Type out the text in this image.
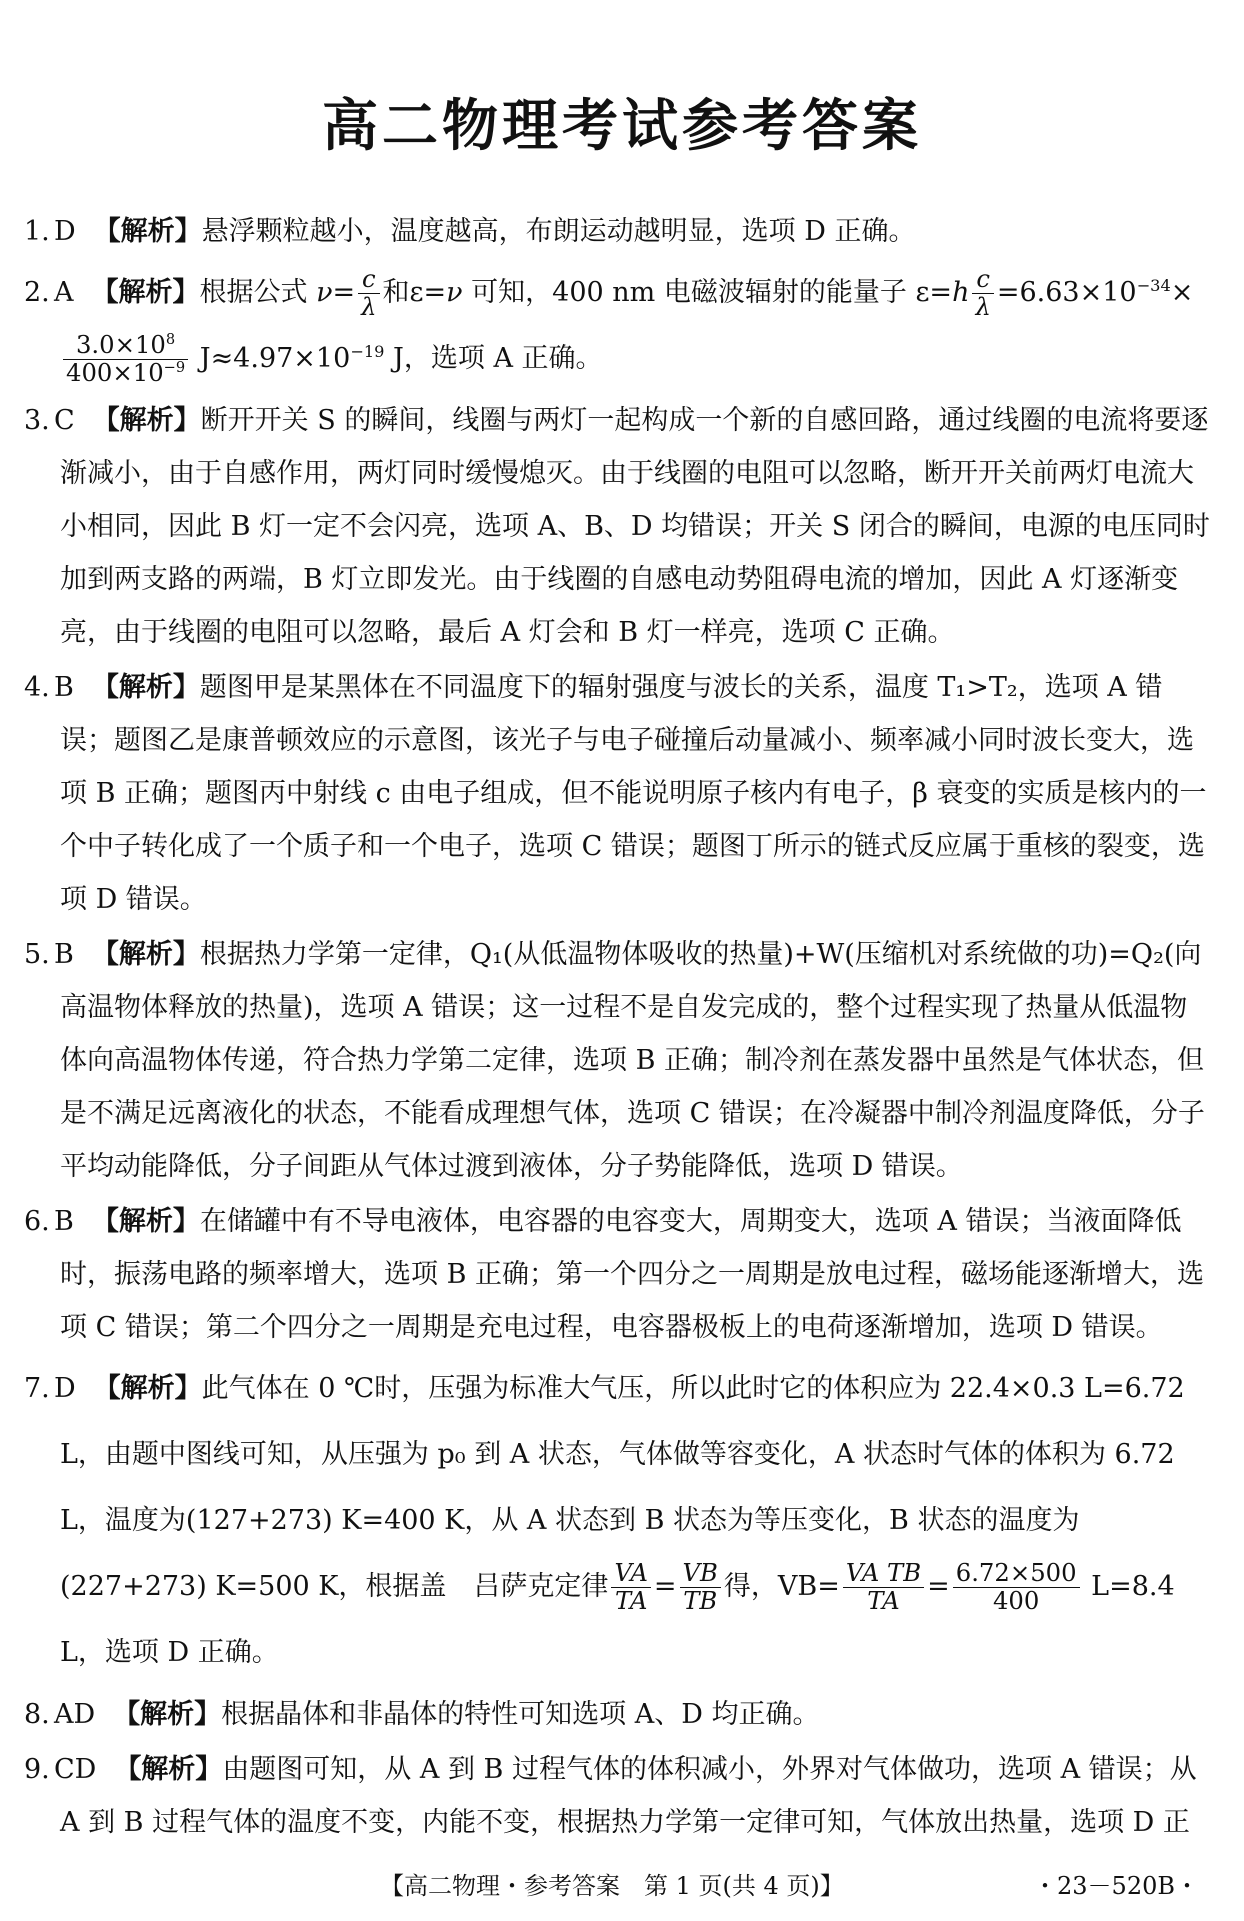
高二物理考试参考答案

1. D 【解析】悬浮颗粒越小，温度越高，布朗运动越明显，选项 D 正确。

2. A 【解析】根据公式 $\nu= \frac{c}{\lambda}$ 和ε=ν 可知，400 nm 电磁波辐射的能量子 $\varepsilon=h \frac{c}{\lambda} =6.63\times 10^{-34}\times$
$\frac{3.0\times 10^8}{400\times 10^{-9}} J\approx 4.97\times 10^{-19}$ J，选项 A 正确。

3. C 【解析】断开开关 S 的瞬间，线圈与两灯一起构成一个新的自感回路，通过线圈的电流将要逐渐减小，由于自感作用，两灯同时缓慢熄灭。由于线圈的电阻可以忽略，断开开关前两灯电流大小相同，因此 B 灯一定不会闪亮，选项 A、B、D 均错误；开关 S 闭合的瞬间，电源的电压同时加到两支路的两端，B 灯立即发光。由于线圈的自感电动势阻碍电流的增加，因此 A 灯逐渐变亮，由于线圈的电阻可以忽略，最后 A 灯会和 B 灯一样亮，选项 C 正确。

4. B 【解析】题图甲是某黑体在不同温度下的辐射强度与波长的关系，温度 T₁>T₂，选项 A 错误；题图乙是康普顿效应的示意图，该光子与电子碰撞后动量减小、频率减小同时波长变大，选项 B 正确；题图丙中射线 c 由电子组成，但不能说明原子核内有电子，β 衰变的实质是核内的一个中子转化成了一个质子和一个电子，选项 C 错误；题图丁所示的链式反应属于重核的裂变，选项 D 错误。

5. B 【解析】根据热力学第一定律，Q₁(从低温物体吸收的热量)+W(压缩机对系统做的功)=Q₂(向高温物体释放的热量)，选项 A 错误；这一过程不是自发完成的，整个过程实现了热量从低温物体向高温物体传递，符合热力学第二定律，选项 B 正确；制冷剂在蒸发器中虽然是气体状态，但是不满足远离液化的状态，不能看成理想气体，选项 C 错误；在冷凝器中制冷剂温度降低，分子平均动能降低，分子间距从气体过渡到液体，分子势能降低，选项 D 错误。

6. B 【解析】在储罐中有不导电液体，电容器的电容变大，周期变大，选项 A 错误；当液面降低时，振荡电路的频率增大，选项 B 正确；第一个四分之一周期是放电过程，磁场能逐渐增大，选项 C 错误；第二个四分之一周期是充电过程，电容器极板上的电荷逐渐增加，选项 D 错误。

7. D 【解析】此气体在 0 ℃时，压强为标准大气压，所以此时它的体积应为 22.4×0.3 L=6.72 L，由题中图线可知，从压强为 p₀ 到 A 状态，气体做等容变化，A 状态时气体的体积为 6.72 L，温度为(127+273) K=400 K，从 A 状态到 B 状态为等压变化，B 状态的温度为(227+273) K=500 K，根据盖　吕萨克定律 $\frac{VA}{TA} = \frac{VB}{TB}$ 得，$VB= \frac{\text{VA TB}}{TA} = \frac{6.72\times 500}{400} L=8.4$ L，选项 D 正确。

8. AD 【解析】根据晶体和非晶体的特性可知选项 A、D 均正确。

9. CD 【解析】由题图可知，从 A 到 B 过程气体的体积减小，外界对气体做功，选项 A 错误；从 A 到 B 过程气体的温度不变，内能不变，根据热力学第一定律可知，气体放出热量，选项 D 正

【高二物理・参考答案　第 1 页(共 4 页)】	・23－520B・
